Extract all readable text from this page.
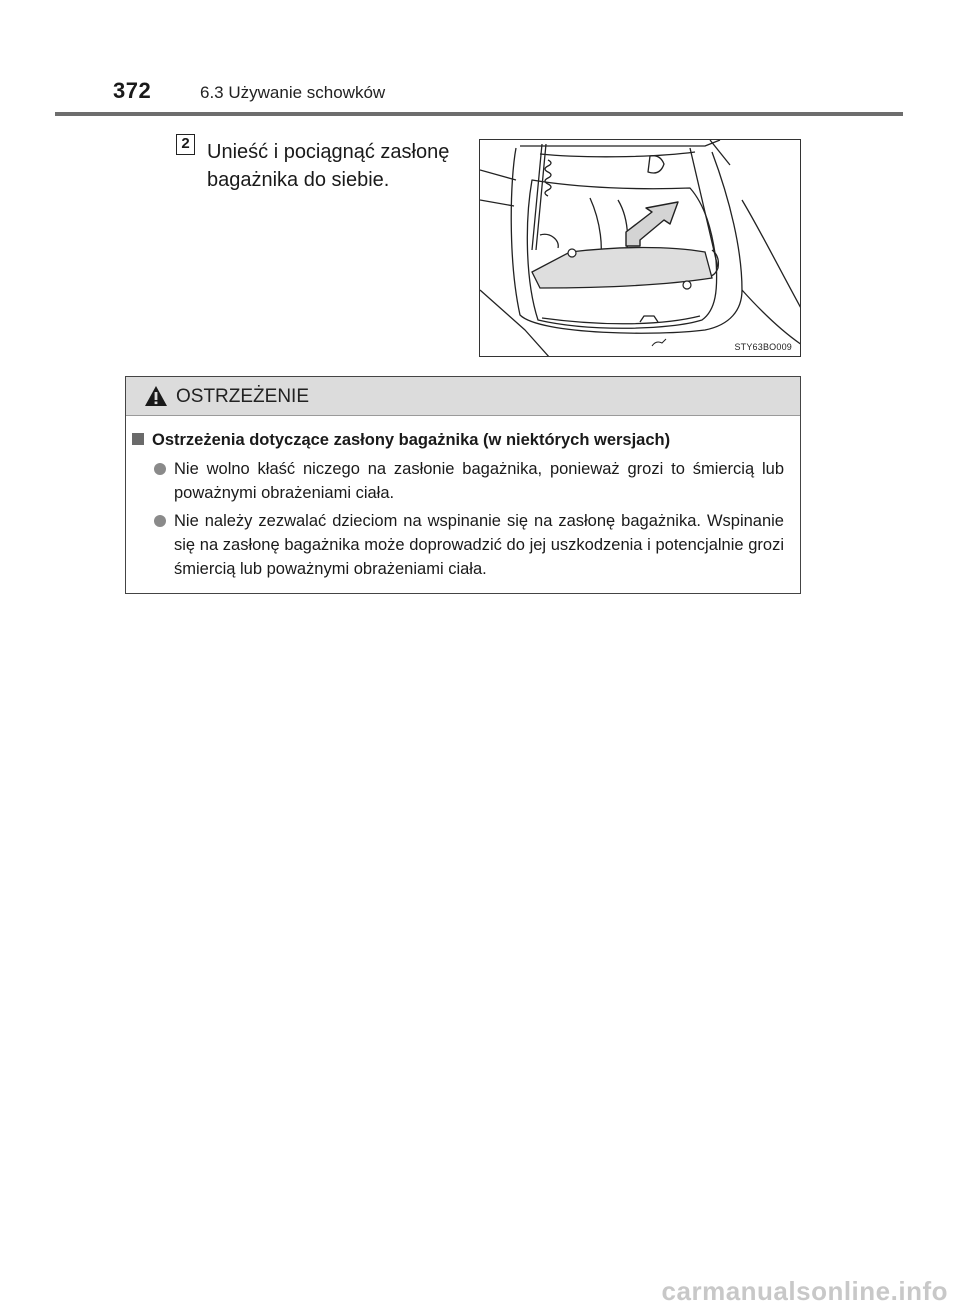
372	6.3 Używanie schowków
2 Unieść i pociągnąć zasłonę bagażnika do siebie.
STY63BO009
OSTRZEŻENIE
Ostrzeżenia dotyczące zasłony bagażnika (w niektórych wersjach)
Nie wolno kłaść niczego na zasłonie bagażnika, ponieważ grozi to śmiercią lub poważnymi obrażeniami ciała.
Nie należy zezwalać dzieciom na wspinanie się na zasłonę bagażnika. Wspinanie się na zasłonę bagażnika może doprowadzić do jej uszkodzenia i potencjalnie grozi śmiercią lub poważnymi obrażeniami ciała.
carmanualsonline.info
